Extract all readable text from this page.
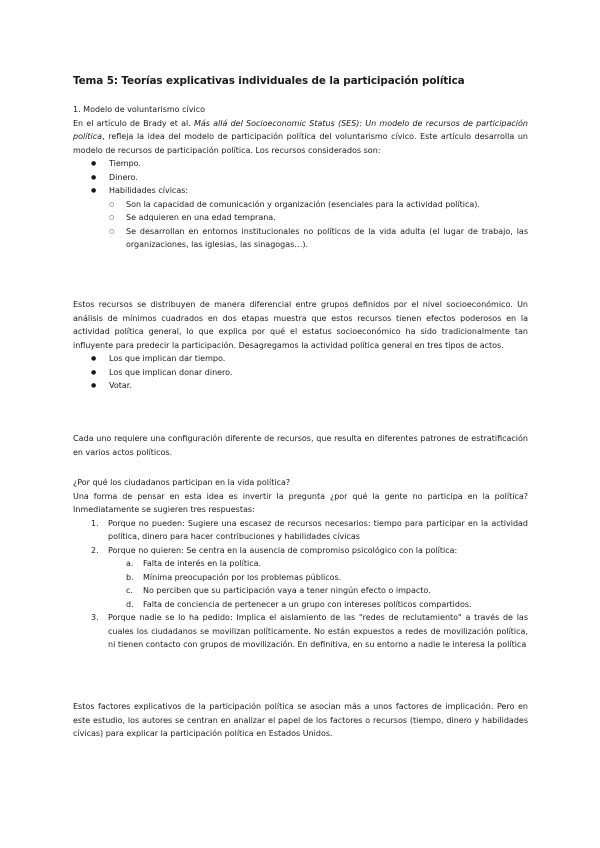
Tema 5: Teorías explicativas individuales de la participación política

1. Modelo de voluntarismo cívico

En el artículo de Brady et al. Más allá del Socioeconomic Status (SES): Un modelo de recursos de participación política, refleja la idea del modelo de participación política del voluntarismo cívico. Este artículo desarrolla un modelo de recursos de participación política. Los recursos considerados son:

● Tiempo.
● Dinero.
● Habilidades cívicas:
○ Son la capacidad de comunicación y organización (esenciales para la actividad política).
○ Se adquieren en una edad temprana.
○ Se desarrollan en entornos institucionales no políticos de la vida adulta (el lugar de trabajo, las organizaciones, las iglesias, las sinagogas…).

Estos recursos se distribuyen de manera diferencial entre grupos definidos por el nivel socioeconómico. Un análisis de mínimos cuadrados en dos etapas muestra que estos recursos tienen efectos poderosos en la actividad política general, lo que explica por qué el estatus socioeconómico ha sido tradicionalmente tan influyente para predecir la participación. Desagregamos la actividad política general en tres tipos de actos.

● Los que implican dar tiempo.
● Los que implican donar dinero.
● Votar.

Cada uno requiere una configuración diferente de recursos, que resulta en diferentes patrones de estratificación en varios actos políticos.

¿Por qué los ciudadanos participan en la vida política?

Una forma de pensar en esta idea es invertir la pregunta ¿por qué la gente no participa en la política? Inmediatamente se sugieren tres respuestas:

1. Porque no pueden: Sugiere una escasez de recursos necesarios: tiempo para participar en la actividad política, dinero para hacer contribuciones y habilidades cívicas
2. Porque no quieren: Se centra en la ausencia de compromiso psicológico con la política:
a. Falta de interés en la política.
b. Mínima preocupación por los problemas públicos.
c. No perciben que su participación vaya a tener ningún efecto o impacto.
d. Falta de conciencia de pertenecer a un grupo con intereses políticos compartidos.
3. Porque nadie se lo ha pedido: Implica el aislamiento de las "redes de reclutamiento" a través de las cuales los ciudadanos se movilizan políticamente. No están expuestos a redes de movilización política, ni tienen contacto con grupos de movilización. En definitiva, en su entorno a nadie le interesa la política

Estos factores explicativos de la participación política se asocian más a unos factores de implicación. Pero en este estudio, los autores se centran en analizar el papel de los factores o recursos (tiempo, dinero y habilidades cívicas) para explicar la participación política en Estados Unidos.
